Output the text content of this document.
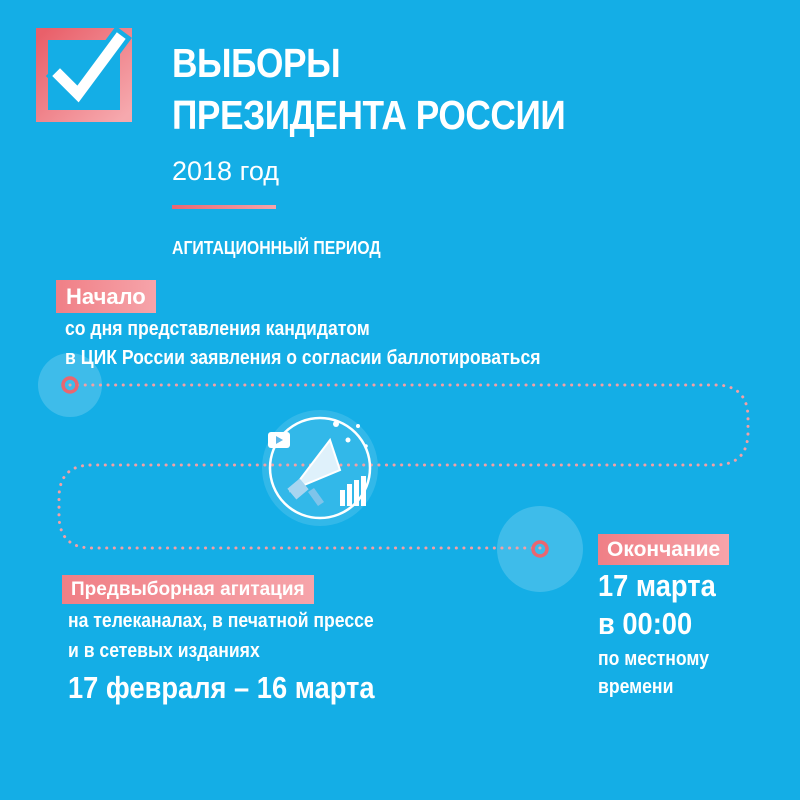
ВЫБОРЫ
ПРЕЗИДЕНТА РОССИИ
2018 год
АГИТАЦИОННЫЙ ПЕРИОД
Начало
со дня представления кандидатом
в ЦИК России заявления о согласии баллотироваться
Предвыборная агитация
на телеканалах, в печатной прессе
и в сетевых изданиях
17 февраля – 16 марта
Окончание
17 марта
в 00:00
по местному
времени
